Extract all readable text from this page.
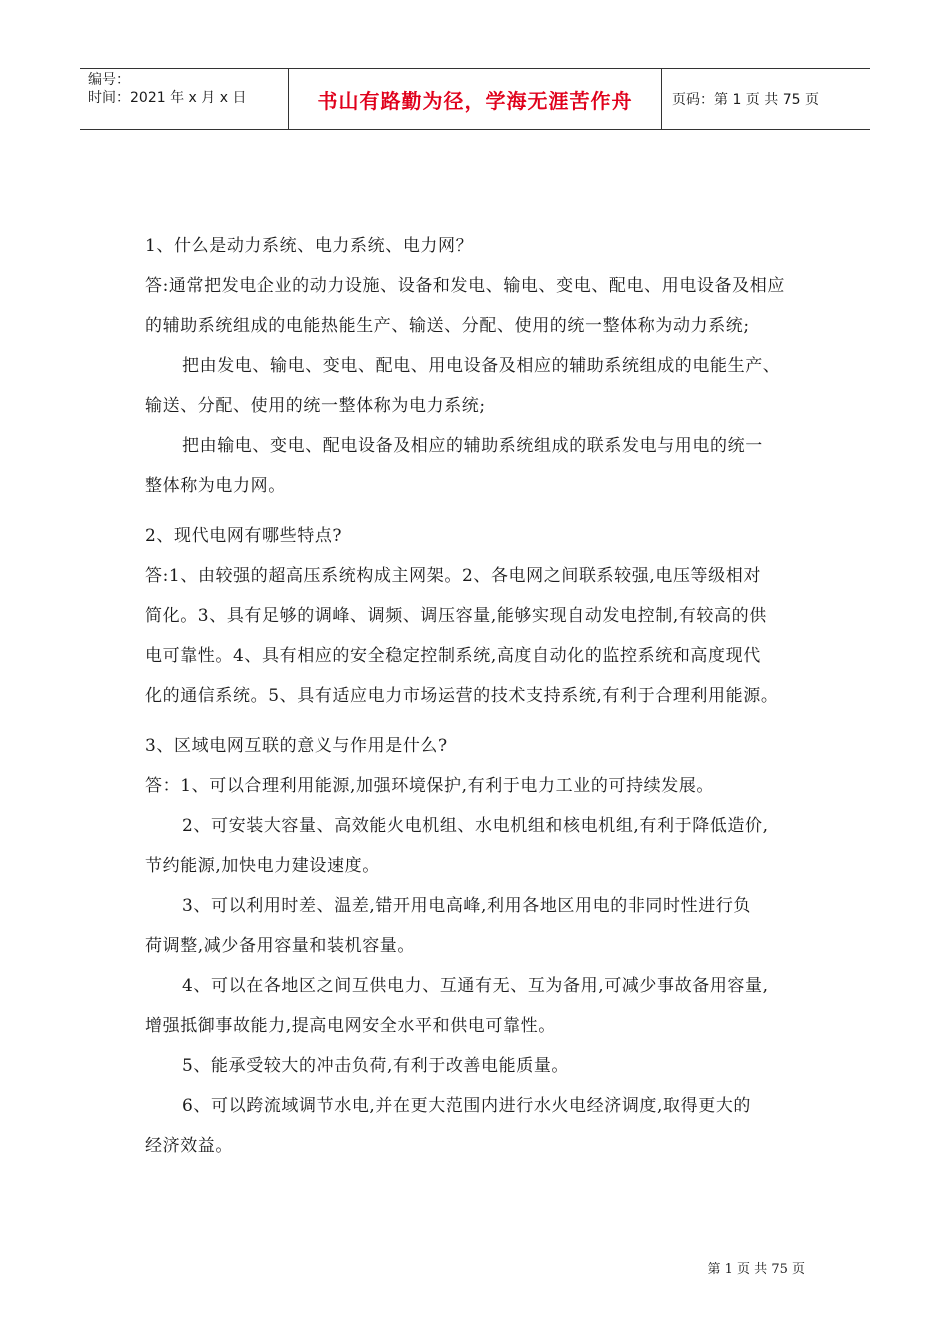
编号：
时间：2021 年 x 月 x 日	书山有路勤为径，学海无涯苦作舟	页码：第 1 页 共 75 页
1、什么是动力系统、电力系统、电力网？
答:通常把发电企业的动力设施、设备和发电、输电、变电、配电、用电设备及相应
的辅助系统组成的电能热能生产、输送、分配、使用的统一整体称为动力系统;
把由发电、输电、变电、配电、用电设备及相应的辅助系统组成的电能生产、
输送、分配、使用的统一整体称为电力系统;
把由输电、变电、配电设备及相应的辅助系统组成的联系发电与用电的统一
整体称为电力网。
2、现代电网有哪些特点?
答:1、由较强的超高压系统构成主网架。2、各电网之间联系较强,电压等级相对
简化。3、具有足够的调峰、调频、调压容量,能够实现自动发电控制,有较高的供
电可靠性。4、具有相应的安全稳定控制系统,高度自动化的监控系统和高度现代
化的通信系统。5、具有适应电力市场运营的技术支持系统,有利于合理利用能源。
3、区域电网互联的意义与作用是什么?
答：1、可以合理利用能源,加强环境保护,有利于电力工业的可持续发展。
2、可安装大容量、高效能火电机组、水电机组和核电机组,有利于降低造价,
节约能源,加快电力建设速度。
3、可以利用时差、温差,错开用电高峰,利用各地区用电的非同时性进行负
荷调整,减少备用容量和装机容量。
4、可以在各地区之间互供电力、互通有无、互为备用,可减少事故备用容量,
增强抵御事故能力,提高电网安全水平和供电可靠性。
5、能承受较大的冲击负荷,有利于改善电能质量。
6、可以跨流域调节水电,并在更大范围内进行水火电经济调度,取得更大的
经济效益。
第 1 页 共 75 页
